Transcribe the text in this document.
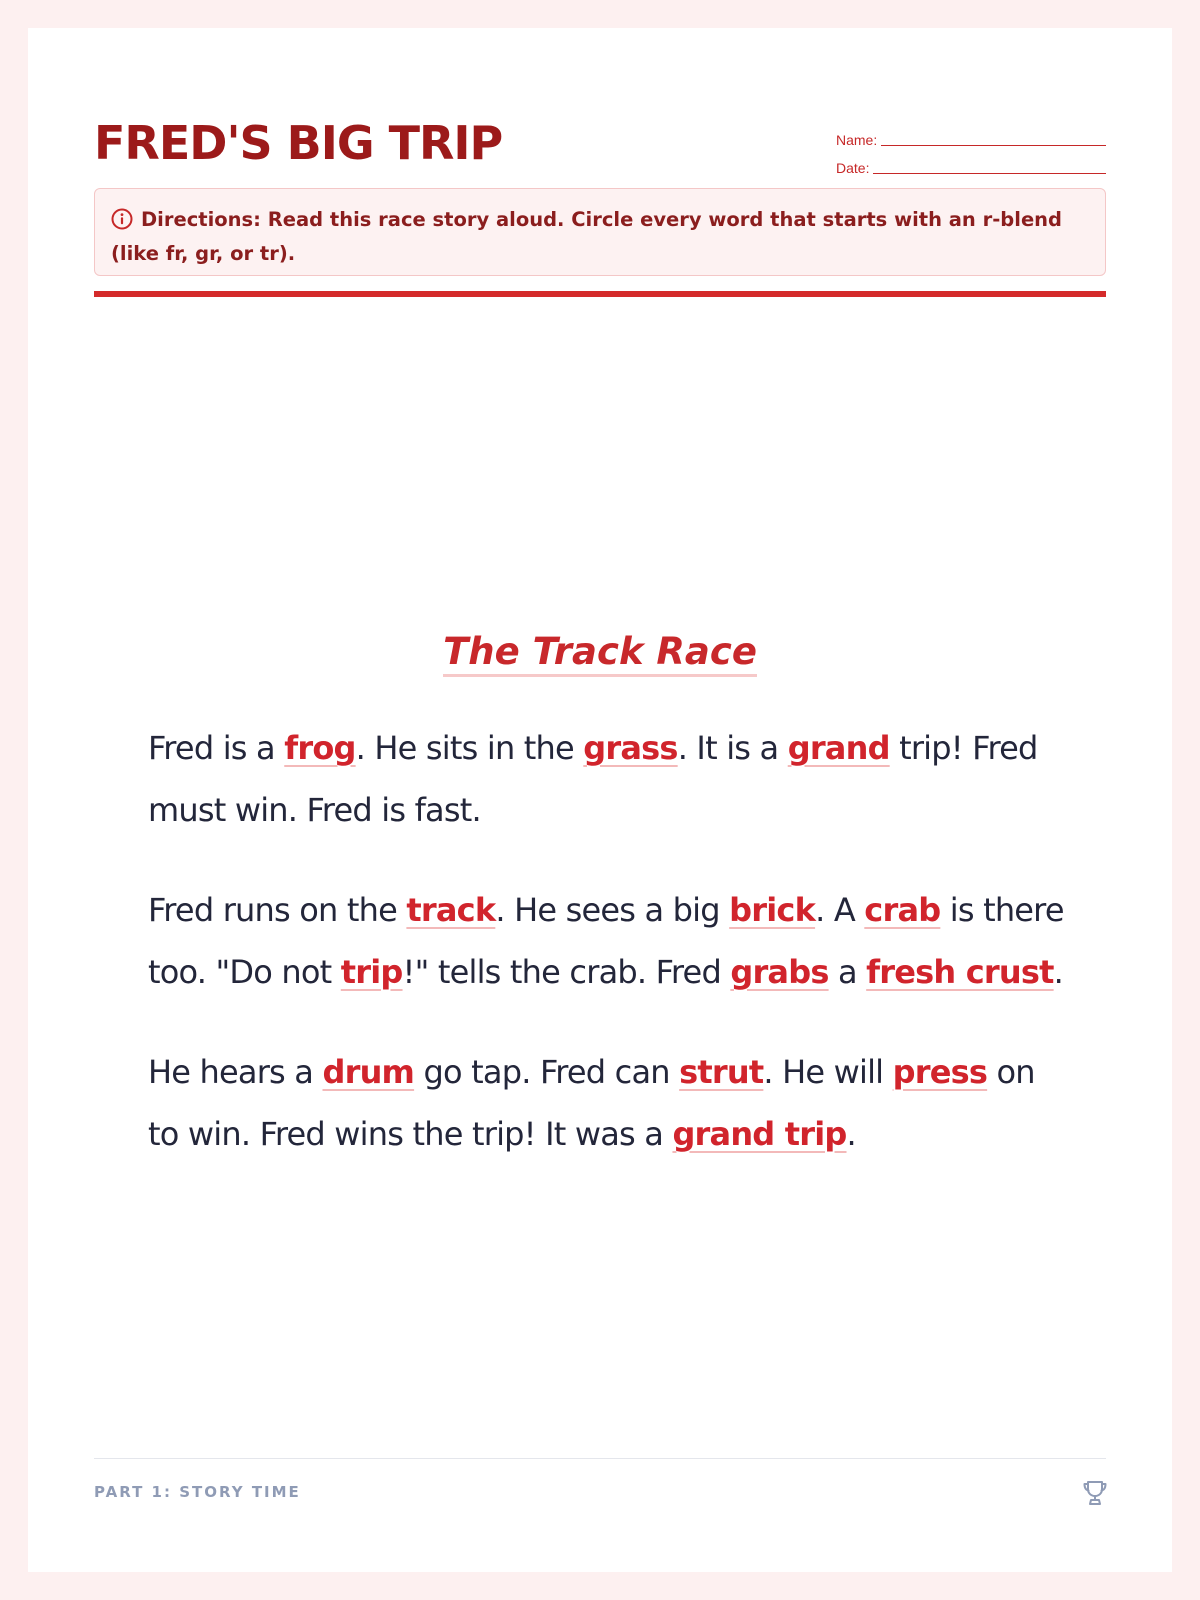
FRED'S BIG TRIP	Name:
Date:
Directions: Read this race story aloud. Circle every word that starts with an r-blend (like fr, gr, or tr).
The Track Race

Fred is a frog. He sits in the grass. It is a grand trip! Fred must win. Fred is fast.

Fred runs on the track. He sees a big brick. A crab is there too. "Do not trip!" tells the crab. Fred grabs a fresh crust.

He hears a drum go tap. Fred can strut. He will press on to win. Fred wins the trip! It was a grand trip.

PART 1: STORY TIME
